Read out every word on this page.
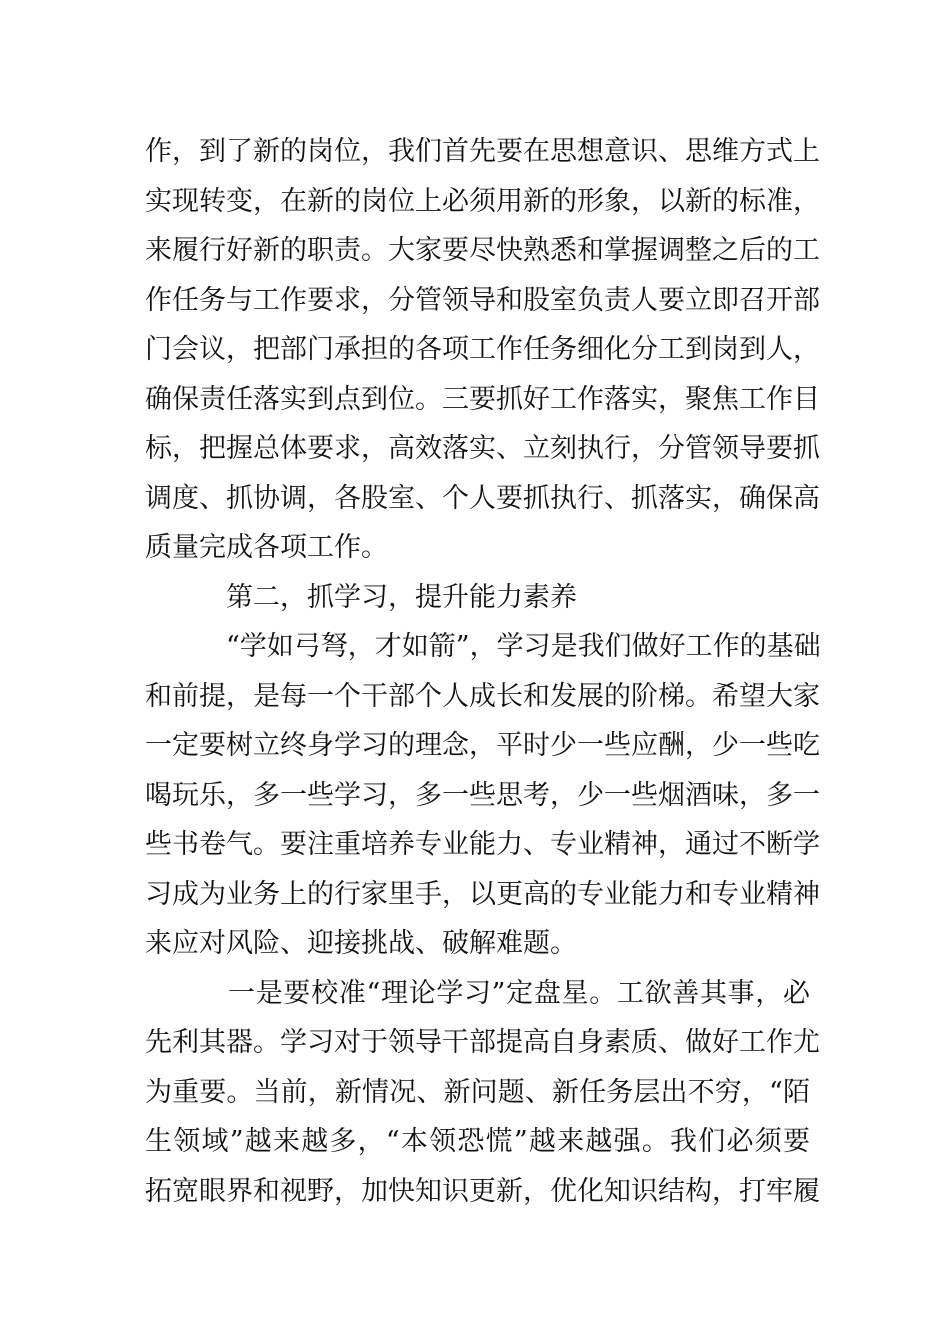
作，到了新的岗位，我们首先要在思想意识、思维方式上
实现转变，在新的岗位上必须用新的形象，以新的标准，
来履行好新的职责。大家要尽快熟悉和掌握调整之后的工
作任务与工作要求，分管领导和股室负责人要立即召开部
门会议，把部门承担的各项工作任务细化分工到岗到人，
确保责任落实到点到位。三要抓好工作落实，聚焦工作目
标，把握总体要求，高效落实、立刻执行，分管领导要抓
调度、抓协调，各股室、个人要抓执行、抓落实，确保高
质量完成各项工作。
　　　第二，抓学习，提升能力素养
　　　“学如弓弩，才如箭”，学习是我们做好工作的基础
和前提，是每一个干部个人成长和发展的阶梯。希望大家
一定要树立终身学习的理念，平时少一些应酬，少一些吃
喝玩乐，多一些学习，多一些思考，少一些烟酒味，多一
些书卷气。要注重培养专业能力、专业精神，通过不断学
习成为业务上的行家里手，以更高的专业能力和专业精神
来应对风险、迎接挑战、破解难题。
　　　一是要校准“理论学习”定盘星。工欲善其事，必
先利其器。学习对于领导干部提高自身素质、做好工作尤
为重要。当前，新情况、新问题、新任务层出不穷，“陌
生领域”越来越多，“本领恐慌”越来越强。我们必须要
拓宽眼界和视野，加快知识更新，优化知识结构，打牢履
